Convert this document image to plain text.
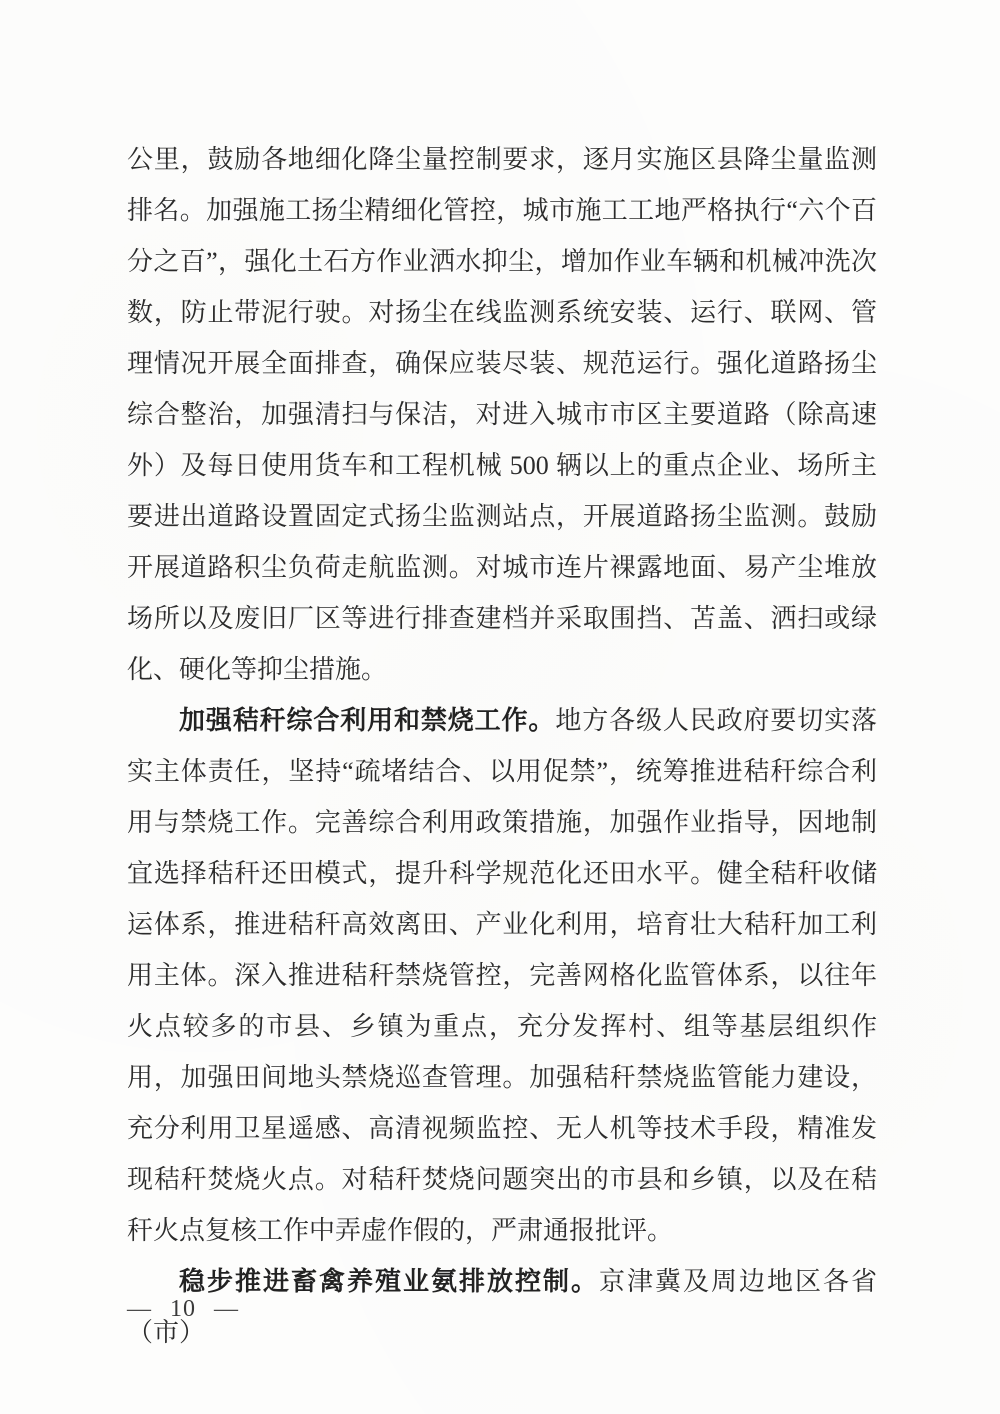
公里，鼓励各地细化降尘量控制要求，逐月实施区县降尘量监测排名。加强施工扬尘精细化管控，城市施工工地严格执行“六个百分之百”，强化土石方作业洒水抑尘，增加作业车辆和机械冲洗次数，防止带泥行驶。对扬尘在线监测系统安装、运行、联网、管理情况开展全面排查，确保应装尽装、规范运行。强化道路扬尘综合整治，加强清扫与保洁，对进入城市市区主要道路（除高速外）及每日使用货车和工程机械 500 辆以上的重点企业、场所主要进出道路设置固定式扬尘监测站点，开展道路扬尘监测。鼓励开展道路积尘负荷走航监测。对城市连片裸露地面、易产尘堆放场所以及废旧厂区等进行排查建档并采取围挡、苫盖、洒扫或绿化、硬化等抑尘措施。

加强秸秆综合利用和禁烧工作。地方各级人民政府要切实落实主体责任，坚持“疏堵结合、以用促禁”，统筹推进秸秆综合利用与禁烧工作。完善综合利用政策措施，加强作业指导，因地制宜选择秸秆还田模式，提升科学规范化还田水平。健全秸秆收储运体系，推进秸秆高效离田、产业化利用，培育壮大秸秆加工利用主体。深入推进秸秆禁烧管控，完善网格化监管体系，以往年火点较多的市县、乡镇为重点，充分发挥村、组等基层组织作用，加强田间地头禁烧巡查管理。加强秸秆禁烧监管能力建设，充分利用卫星遥感、高清视频监控、无人机等技术手段，精准发现秸秆焚烧火点。对秸秆焚烧问题突出的市县和乡镇，以及在秸秆火点复核工作中弄虚作假的，严肃通报批评。

稳步推进畜禽养殖业氨排放控制。京津冀及周边地区各省（市）

— 10 —
